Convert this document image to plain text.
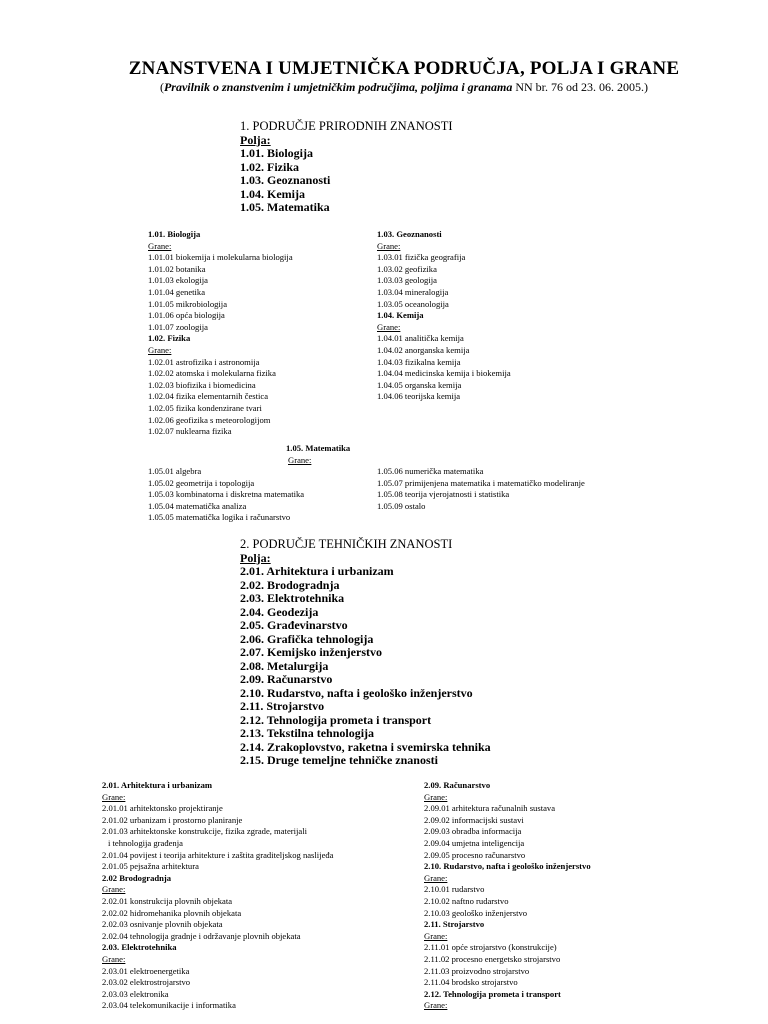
ZNANSTVENA I UMJETNIČKA PODRUČJA, POLJA I GRANE
(Pravilnik o znanstvenim i umjetničkim područjima, poljima i granama NN br. 76 od 23. 06. 2005.)
1. PODRUČJE PRIRODNIH ZNANOSTI
Polja:
1.01. Biologija
1.02. Fizika
1.03. Geoznanosti
1.04. Kemija
1.05. Matematika
1.01. Biologija
Grane:
1.01.01 biokemija i molekularna biologija
1.01.02 botanika
1.01.03 ekologija
1.01.04 genetika
1.01.05 mikrobiologija
1.01.06 opća biologija
1.01.07 zoologija
1.02. Fizika
Grane:
1.02.01 astrofizika i astronomija
1.02.02 atomska i molekularna fizika
1.02.03 biofizika i biomedicina
1.02.04 fizika elementarnih čestica
1.02.05 fizika kondenzirane tvari
1.02.06 geofizika s meteorologijom
1.02.07 nuklearna fizika
1.03. Geoznanosti
Grane:
1.03.01 fizička geografija
1.03.02 geofizika
1.03.03 geologija
1.03.04 mineralogija
1.03.05 oceanologija
1.04. Kemija
Grane:
1.04.01 analitička kemija
1.04.02 anorganska kemija
1.04.03 fizikalna kemija
1.04.04 medicinska kemija i biokemija
1.04.05 organska kemija
1.04.06 teorijska kemija
1.05. Matematika
Grane:
1.05.01 algebra
1.05.02 geometrija i topologija
1.05.03 kombinatorna i diskretna matematika
1.05.04 matematička analiza
1.05.05 matematička logika i računarstvo
1.05.06 numerička matematika
1.05.07 primijenjena matematika i matematičko modeliranje
1.05.08 teorija vjerojatnosti i statistika
1.05.09 ostalo
2. PODRUČJE TEHNIČKIH ZNANOSTI
Polja:
2.01. Arhitektura i urbanizam
2.02. Brodogradnja
2.03. Elektrotehnika
2.04. Geodezija
2.05. Građevinarstvo
2.06. Grafička tehnologija
2.07. Kemijsko inženjerstvo
2.08. Metalurgija
2.09. Računarstvo
2.10. Rudarstvo, nafta i geološko inženjerstvo
2.11. Strojarstvo
2.12. Tehnologija prometa i transport
2.13. Tekstilna tehnologija
2.14. Zrakoplovstvo, raketna i svemirska tehnika
2.15. Druge temeljne tehničke znanosti
2.01. Arhitektura i urbanizam
Grane:
2.01.01 arhitektonsko projektiranje
2.01.02 urbanizam i prostorno planiranje
2.01.03 arhitektonske konstrukcije, fizika zgrade, materijali
i tehnologija građenja
2.01.04 povijest i teorija arhitekture i zaštita graditeljskog naslijeđa
2.01.05 pejsažna arhitektura
2.02 Brodogradnja
Grane:
2.02.01 konstrukcija plovnih objekata
2.02.02 hidromehanika plovnih objekata
2.02.03 osnivanje plovnih objekata
2.02.04 tehnologija gradnje i održavanje plovnih objekata
2.03. Elektrotehnika
Grane:
2.03.01 elektroenergetika
2.03.02 elektrostrojarstvo
2.03.03 elektronika
2.03.04 telekomunikacije i informatika
2.09. Računarstvo
Grane:
2.09.01 arhitektura računalnih sustava
2.09.02 informacijski sustavi
2.09.03 obradba informacija
2.09.04 umjetna inteligencija
2.09.05 procesno računarstvo
2.10. Rudarstvo, nafta i geološko inženjerstvo
Grane:
2.10.01 rudarstvo
2.10.02 naftno rudarstvo
2.10.03 geološko inženjerstvo
2.11. Strojarstvo
Grane:
2.11.01 opće strojarstvo (konstrukcije)
2.11.02 procesno energetsko strojarstvo
2.11.03 proizvodno strojarstvo
2.11.04 brodsko strojarstvo
2.12. Tehnologija prometa i transport
Grane:
